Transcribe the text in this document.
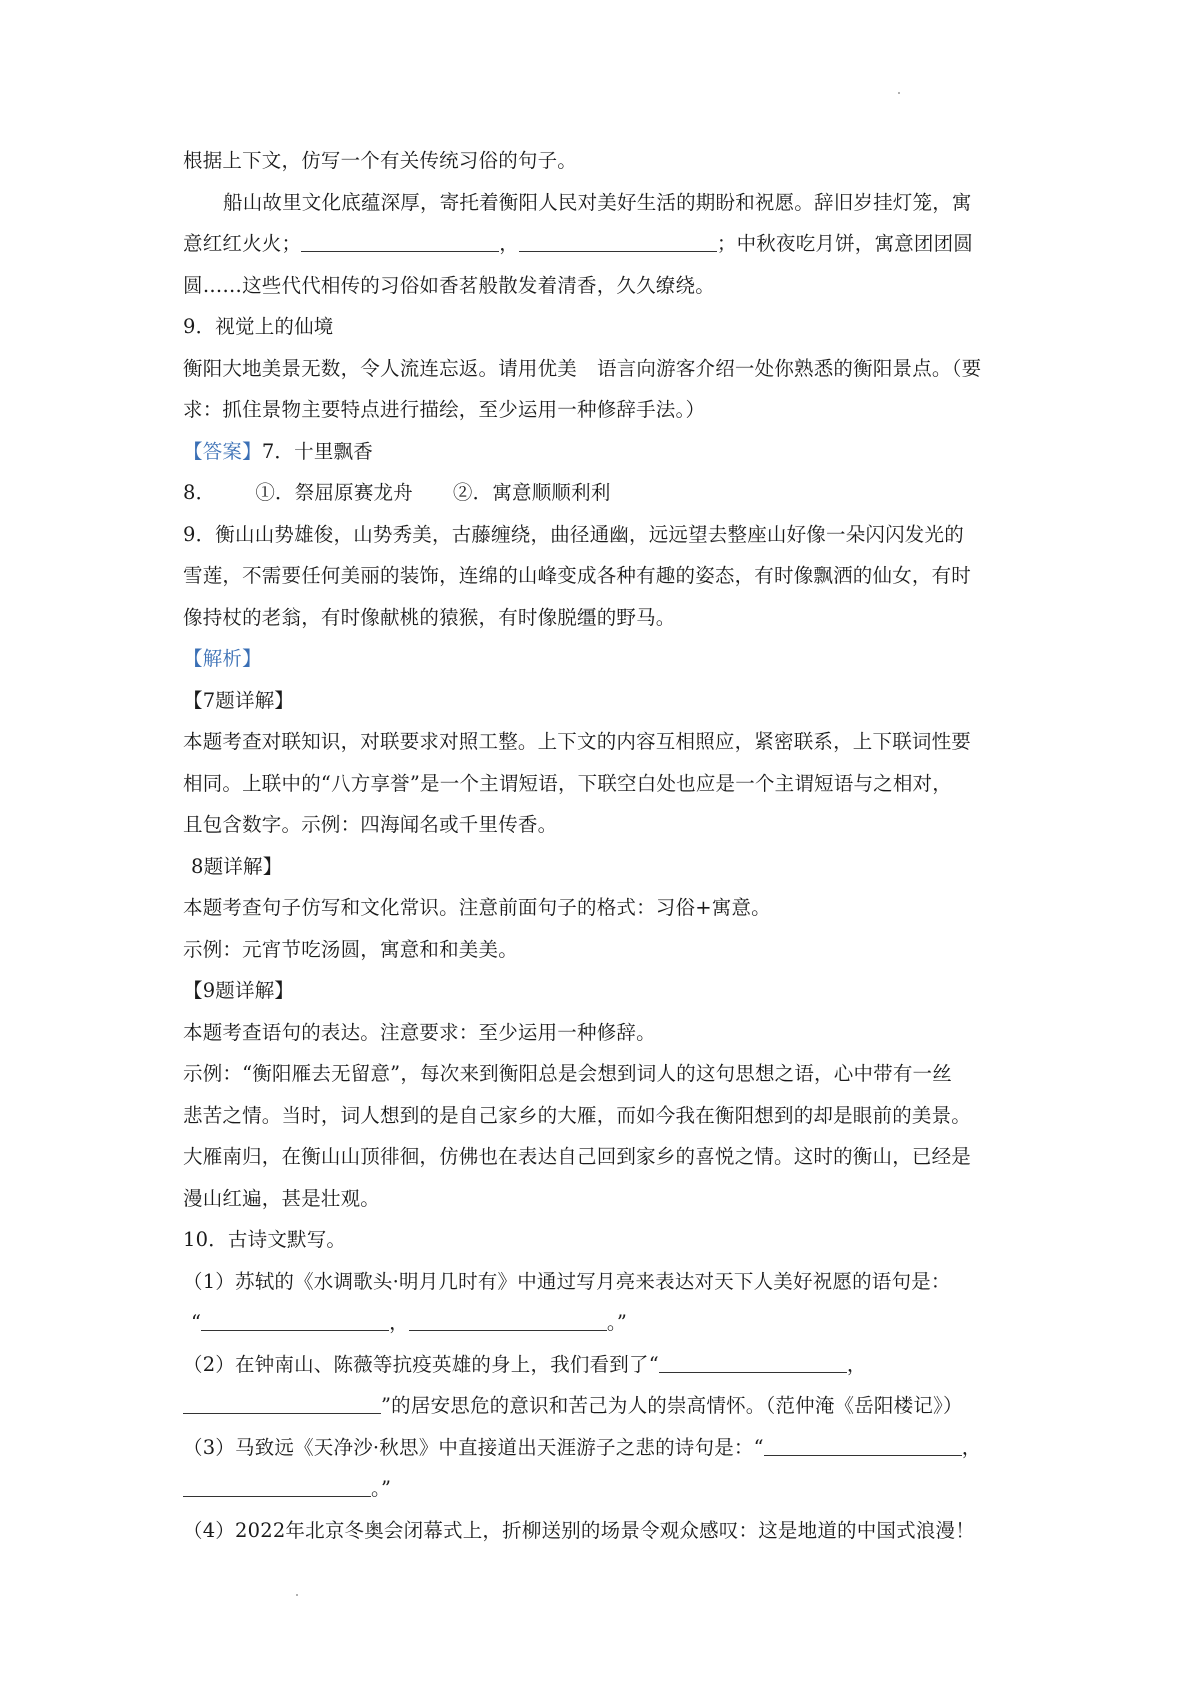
根据上下文，仿写一个有关传统习俗的句子。
船山故里文化底蕴深厚，寄托着衡阳人民对美好生活的期盼和祝愿。辞旧岁挂灯笼，寓
意红红火火；	，	；中秋夜吃月饼，寓意团团圆
圆……这些代代相传的习俗如香茗般散发着清香，久久缭绕。
9．视觉上的仙境
衡阳大地美景无数，令人流连忘返。请用优美 语言向游客介绍一处你熟悉的衡阳景点。（要
求：抓住景物主要特点进行描绘，至少运用一种修辞手法。）
【答案】7．十里飘香
8． ①．祭屈原赛龙舟 ②．寓意顺顺利利
9．衡山山势雄俊，山势秀美，古藤缠绕，曲径通幽，远远望去整座山好像一朵闪闪发光的
雪莲，不需要任何美丽的装饰，连绵的山峰变成各种有趣的姿态，有时像飘洒的仙女，有时
像持杖的老翁，有时像献桃的猿猴，有时像脱缰的野马。
【解析】
【7题详解】
本题考查对联知识，对联要求对照工整。上下文的内容互相照应，紧密联系，上下联词性要
相同。上联中的“八方享誉”是一个主谓短语，下联空白处也应是一个主谓短语与之相对，
且包含数字。示例：四海闻名或千里传香。
8题详解】
本题考查句子仿写和文化常识。注意前面句子的格式：习俗+寓意。
示例：元宵节吃汤圆，寓意和和美美。
【9题详解】
本题考查语句的表达。注意要求：至少运用一种修辞。
示例：“衡阳雁去无留意”，每次来到衡阳总是会想到词人的这句思想之语，心中带有一丝
悲苦之情。当时，词人想到的是自己家乡的大雁，而如今我在衡阳想到的却是眼前的美景。
大雁南归，在衡山山顶徘徊，仿佛也在表达自己回到家乡的喜悦之情。这时的衡山，已经是
漫山红遍，甚是壮观。
10．古诗文默写。
（1）苏轼的《水调歌头·明月几时有》中通过写月亮来表达对天下人美好祝愿的语句是：
“	，	。”
（2）在钟南山、陈薇等抗疫英雄的身上，我们看到了“	，
”的居安思危的意识和苦己为人的崇高情怀。（范仲淹《岳阳楼记》）
（3）马致远《天净沙·秋思》中直接道出天涯游子之悲的诗句是：“	，
。”
（4）2022年北京冬奥会闭幕式上，折柳送别的场景令观众感叹：这是地道的中国式浪漫！
